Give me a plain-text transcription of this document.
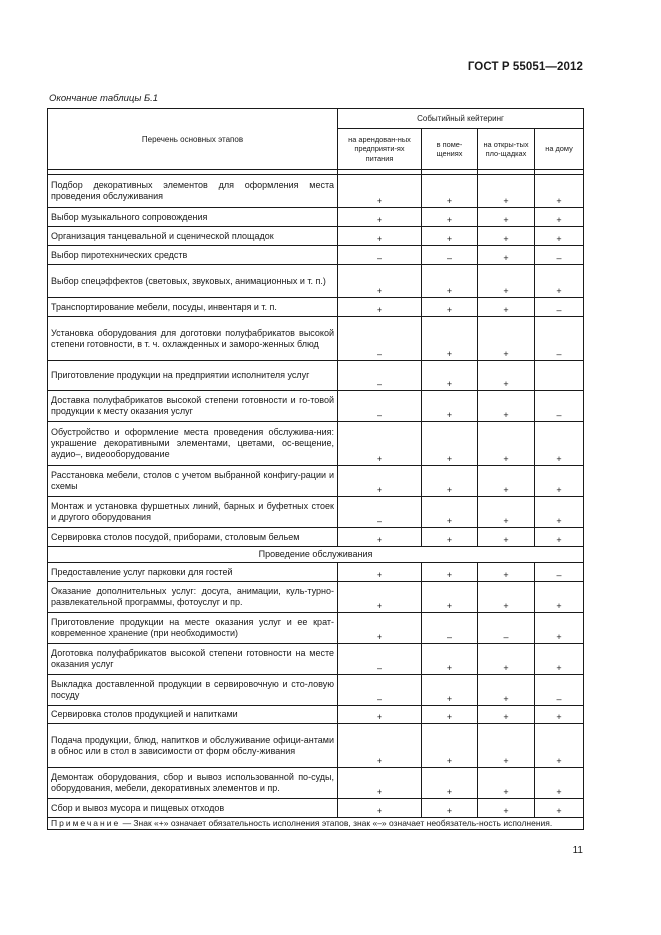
ГОСТ Р 55051—2012
Окончание таблицы Б.1
Перечень основных этапов	Событийный кейтеринг			
	на арендован-ных предприяти-ях питания	в поме-щениях	на откры-тых пло-щадках	на дому

Подбор декоративных элементов для оформления места проведения обслуживания	+	+	+	+
Выбор музыкального сопровождения	+	+	+	+
Организация танцевальной и сценической площадок	+	+	+	+
Выбор пиротехнических средств	–	–	+	–
Выбор спецэффектов (световых, звуковых, анимационных и т. п.)	+	+	+	+
Транспортирование мебели, посуды, инвентаря и т. п.	+	+	+	–
Установка оборудования для доготовки полуфабрикатов высокой степени готовности, в т. ч. охлажденных и заморо-женных блюд	–	+	+	–
Приготовление продукции на предприятии исполнителя услуг	–	+	+	
Доставка полуфабрикатов высокой степени готовности и го-товой продукции к месту оказания услуг	–	+	+	–
Обустройство и оформление места проведения обслужива-ния: украшение декоративными элементами, цветами, ос-вещение, аудио–, видеооборудование	+	+	+	+
Расстановка мебели, столов с учетом выбранной конфигу-рации и схемы	+	+	+	+
Монтаж и установка фуршетных линий, барных и буфетных стоек и другого оборудования	–	+	+	+
Сервировка столов посудой, приборами, столовым бельем	+	+	+	+
Проведение обслуживания				
Предоставление услуг парковки для гостей	+	+	+	–
Оказание дополнительных услуг: досуга, анимации, куль-турно-развлекательной программы, фотоуслуг и пр.	+	+	+	+
Приготовление продукции на месте оказания услуг и ее крат-ковременное хранение (при необходимости)	+	–	–	+
Доготовка полуфабрикатов высокой степени готовности на месте оказания услуг	–	+	+	+
Выкладка доставленной продукции в сервировочную и сто-ловую посуду	–	+	+	–
Сервировка столов продукцией и напитками	+	+	+	+
Подача продукции, блюд, напитков и обслуживание офици-антами в обнос или в стол в зависимости от форм обслу-живания	+	+	+	+
Демонтаж оборудования, сбор и вывоз использованной по-суды, оборудования, мебели, декоративных элементов и пр.	+	+	+	+
Сбор и вывоз мусора и пищевых отходов	+	+	+	+
Примечание — Знак «+» означает обязательность исполнения этапов, знак «–» означает необязатель-ность исполнения.				
11
